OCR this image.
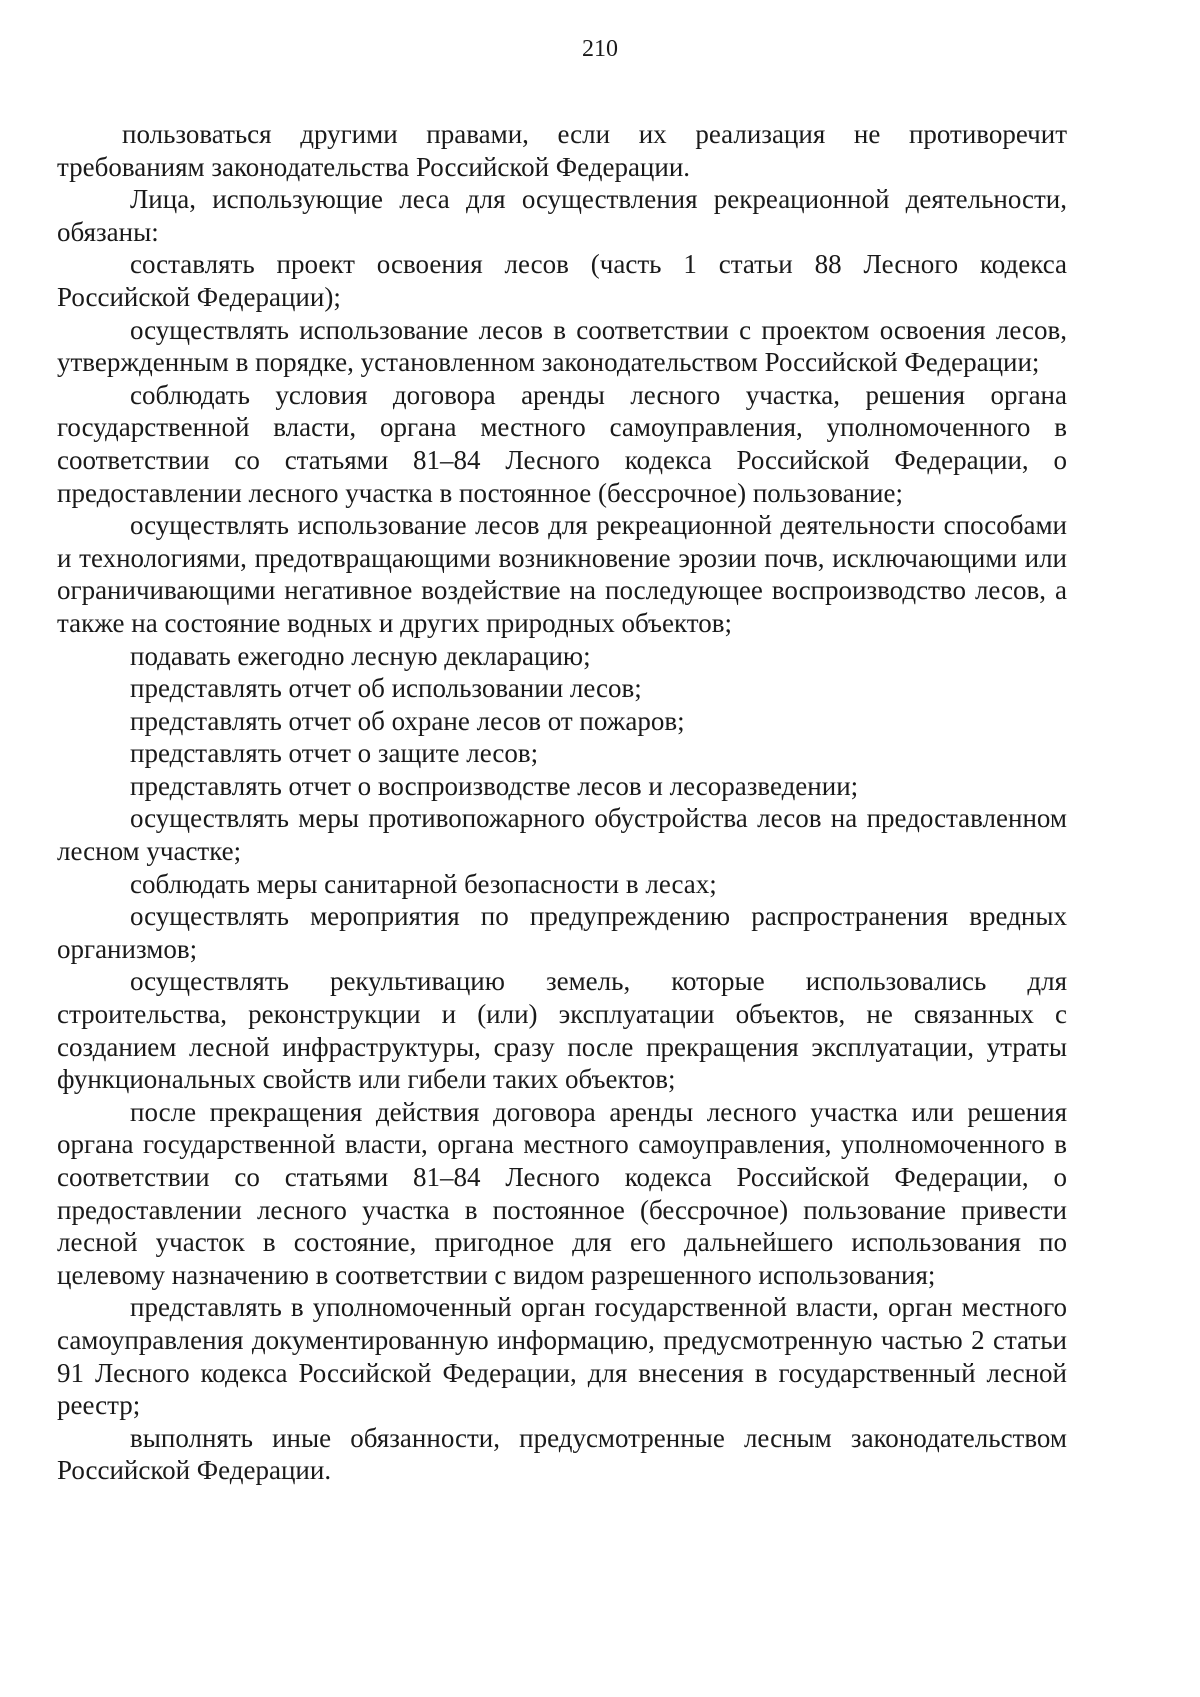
210

пользоваться другими правами, если их реализация не противоречит требованиям законодательства Российской Федерации.

Лица, использующие леса для осуществления рекреационной деятельности, обязаны:

составлять проект освоения лесов (часть 1 статьи 88 Лесного кодекса Российской Федерации);

осуществлять использование лесов в соответствии с проектом освоения лесов, утвержденным в порядке, установленном законодательством Российской Федерации;

соблюдать условия договора аренды лесного участка, решения органа государственной власти, органа местного самоуправления, уполномоченного в соответствии со статьями 81–84 Лесного кодекса Российской Федерации, о предоставлении лесного участка в постоянное (бессрочное) пользование;

осуществлять использование лесов для рекреационной деятельности способами и технологиями, предотвращающими возникновение эрозии почв, исключающими или ограничивающими негативное воздействие на последующее воспроизводство лесов, а также на состояние водных и других природных объектов;

подавать ежегодно лесную декларацию;

представлять отчет об использовании лесов;

представлять отчет об охране лесов от пожаров;

представлять отчет о защите лесов;

представлять отчет о воспроизводстве лесов и лесоразведении;

осуществлять меры противопожарного обустройства лесов на предоставленном лесном участке;

соблюдать меры санитарной безопасности в лесах;

осуществлять мероприятия по предупреждению распространения вредных организмов;

осуществлять рекультивацию земель, которые использовались для строительства, реконструкции и (или) эксплуатации объектов, не связанных с созданием лесной инфраструктуры, сразу после прекращения эксплуатации, утраты функциональных свойств или гибели таких объектов;

после прекращения действия договора аренды лесного участка или решения органа государственной власти, органа местного самоуправления, уполномоченного в соответствии со статьями 81–84 Лесного кодекса Российской Федерации, о предоставлении лесного участка в постоянное (бессрочное) пользование привести лесной участок в состояние, пригодное для его дальнейшего использования по целевому назначению в соответствии с видом разрешенного использования;

представлять в уполномоченный орган государственной власти, орган местного самоуправления документированную информацию, предусмотренную частью 2 статьи 91 Лесного кодекса Российской Федерации, для внесения в государственный лесной реестр;

выполнять иные обязанности, предусмотренные лесным законодательством Российской Федерации.
